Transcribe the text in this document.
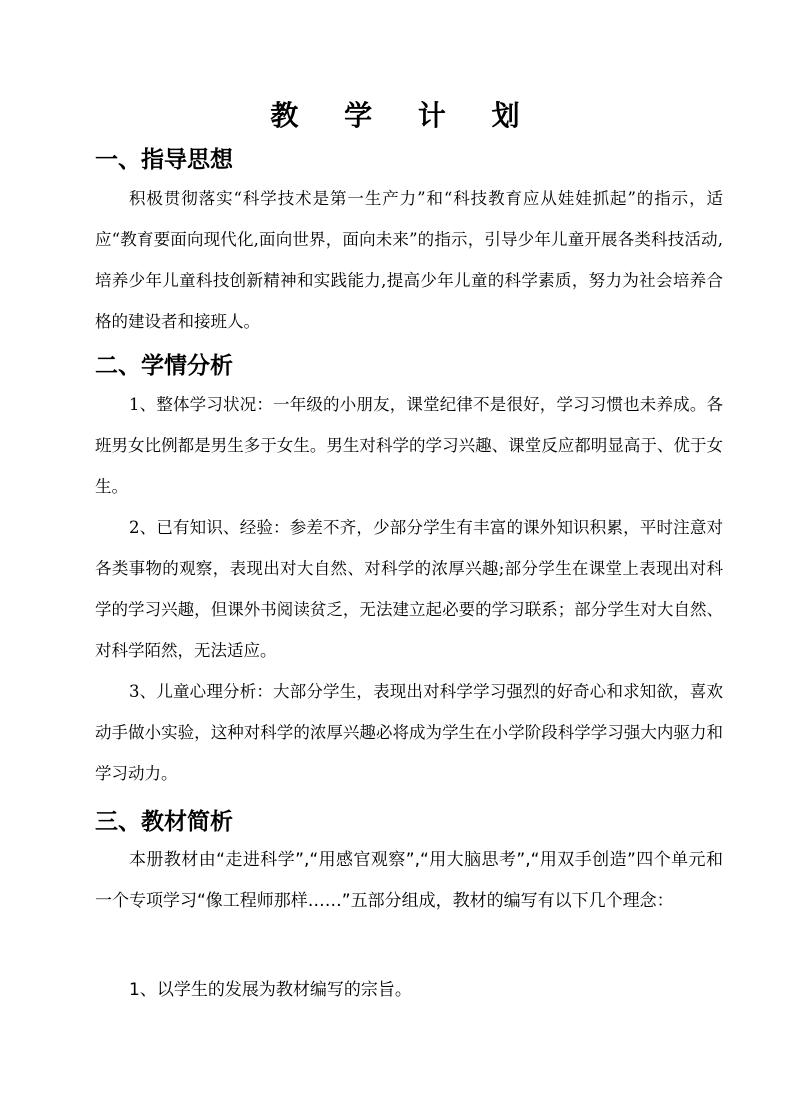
教 学 计 划
一、指导思想

积极贯彻落实“科学技术是第一生产力”和“科技教育应从娃娃抓起”的指示，适应“教育要面向现代化,面向世界，面向未来”的指示，引导少年儿童开展各类科技活动,培养少年儿童科技创新精神和实践能力,提高少年儿童的科学素质，努力为社会培养合格的建设者和接班人。

二、学情分析

1、整体学习状况：一年级的小朋友，课堂纪律不是很好，学习习惯也未养成。各班男女比例都是男生多于女生。男生对科学的学习兴趣、课堂反应都明显高于、优于女生。

2、已有知识、经验：参差不齐，少部分学生有丰富的课外知识积累，平时注意对各类事物的观察，表现出对大自然、对科学的浓厚兴趣;部分学生在课堂上表现出对科学的学习兴趣，但课外书阅读贫乏，无法建立起必要的学习联系；部分学生对大自然、对科学陌然，无法适应。

3、儿童心理分析：大部分学生，表现出对科学学习强烈的好奇心和求知欲，喜欢动手做小实验，这种对科学的浓厚兴趣必将成为学生在小学阶段科学学习强大内驱力和学习动力。

三、教材简析

本册教材由“走进科学”,“用感官观察”,“用大脑思考”,“用双手创造”四个单元和一个专项学习“像工程师那样……”五部分组成，教材的编写有以下几个理念：

1、以学生的发展为教材编写的宗旨。
